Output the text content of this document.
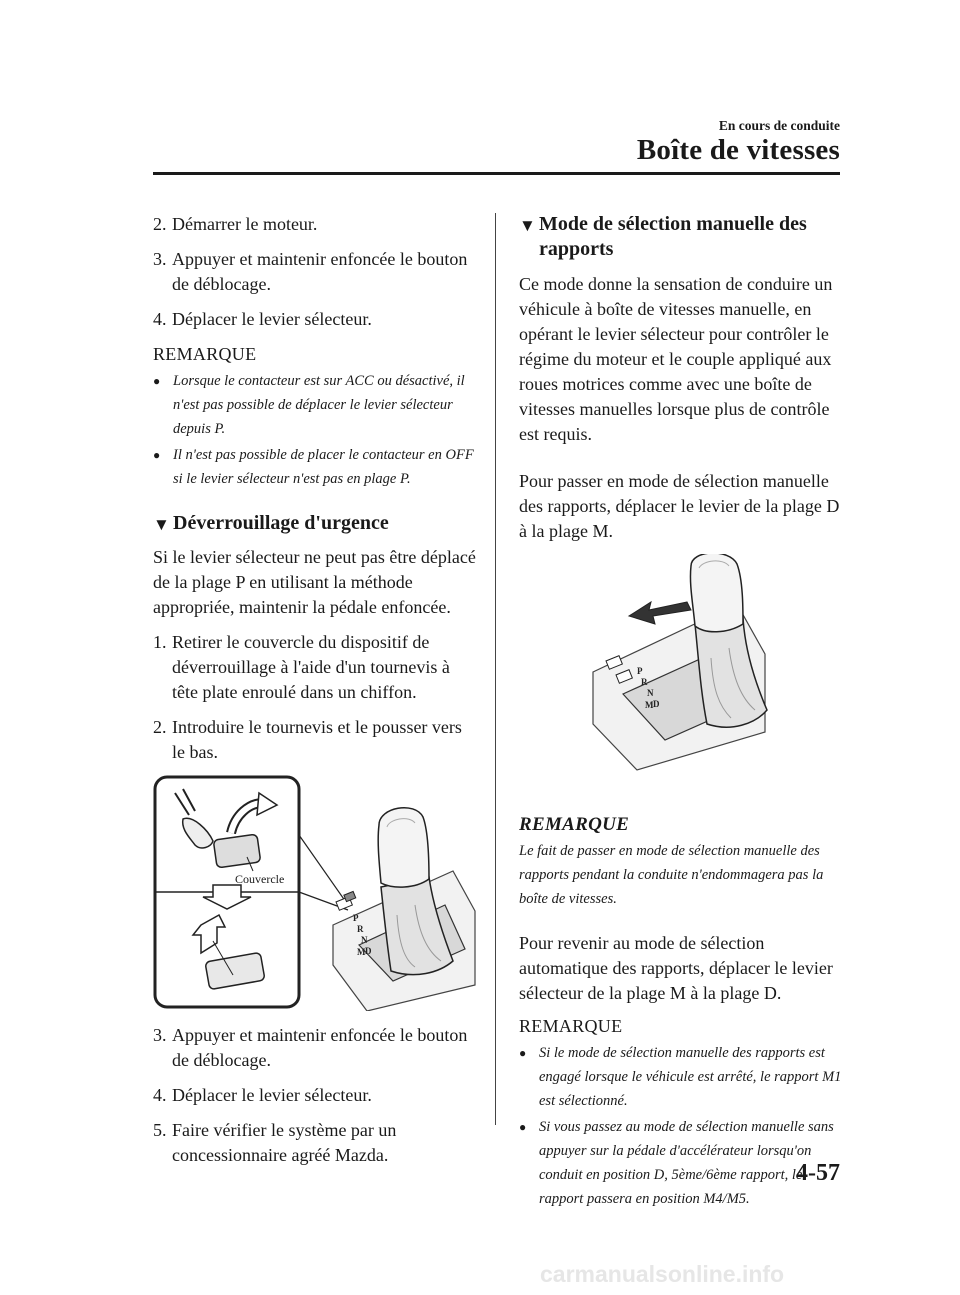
En cours de conduite
Boîte de vitesses
2. Démarrer le moteur.
3. Appuyer et maintenir enfoncée le bouton de déblocage.
4. Déplacer le levier sélecteur.
REMARQUE
● Lorsque le contacteur est sur ACC ou désactivé, il n'est pas possible de déplacer le levier sélecteur depuis P.
● Il n'est pas possible de placer le contacteur en OFF si le levier sélecteur n'est pas en plage P.
▼ Déverrouillage d'urgence

Si le levier sélecteur ne peut pas être déplacé de la plage P en utilisant la méthode appropriée, maintenir la pédale enfoncée.

1. Retirer le couvercle du dispositif de déverrouillage à l'aide d'un tournevis à tête plate enroulé dans un chiffon.
2. Introduire le tournevis et le pousser vers le bas.
Couvercle
P
R
N
D
M
3. Appuyer et maintenir enfoncée le bouton de déblocage.
4. Déplacer le levier sélecteur.
5. Faire vérifier le système par un concessionnaire agréé Mazda.
▼ Mode de sélection manuelle des rapports

Ce mode donne la sensation de conduire un véhicule à boîte de vitesses manuelle, en opérant le levier sélecteur pour contrôler le régime du moteur et le couple appliqué aux roues motrices comme avec une boîte de vitesses manuelles lorsque plus de contrôle est requis.

Pour passer en mode de sélection manuelle des rapports, déplacer le levier de la plage D à la plage M.

P
R
N
D
M
REMARQUE

Le fait de passer en mode de sélection manuelle des rapports pendant la conduite n'endommagera pas la boîte de vitesses.

Pour revenir au mode de sélection automatique des rapports, déplacer le levier sélecteur de la plage M à la plage D.

REMARQUE
● Si le mode de sélection manuelle des rapports est engagé lorsque le véhicule est arrêté, le rapport M1 est sélectionné.
● Si vous passez au mode de sélection manuelle sans appuyer sur la pédale d'accélérateur lorsqu'on conduit en position D, 5ème/6ème rapport, le rapport passera en position M4/M5.
4-57
carmanualsonline.info
